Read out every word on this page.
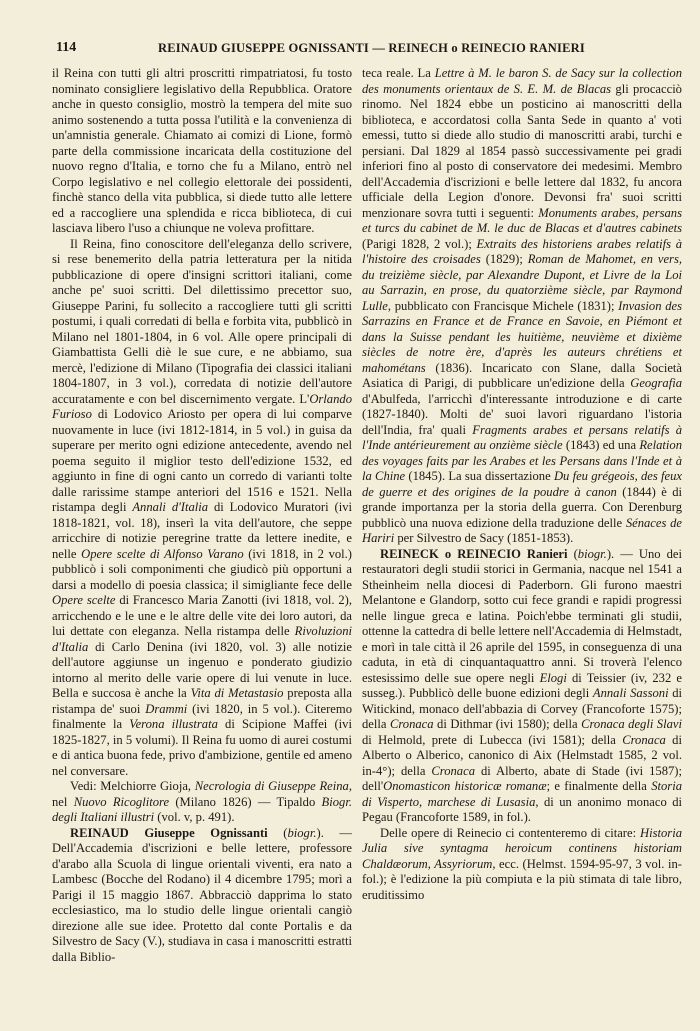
114	REINAUD GIUSEPPE OGNISSANTI — REINECH o REINECIO RANIERI

il Reina con tutti gli altri proscritti rimpatriatosi, fu tosto nominato consigliere legislativo della Repubblica. Oratore anche in questo consiglio, mostrò la tempera del mite suo animo sostenendo a tutta possa l'utilità e la convenienza di un'amnistia generale. Chiamato ai comizi di Lione, formò parte della commissione incaricata della costituzione del nuovo regno d'Italia, e torno che fu a Milano, entrò nel Corpo legislativo e nel collegio elettorale dei possidenti, finchè stanco della vita pubblica, si diede tutto alle lettere ed a raccogliere una splendida e ricca biblioteca, di cui lasciava libero l'uso a chiunque ne voleva profittare.

Il Reina, fino conoscitore dell'eleganza dello scrivere, si rese benemerito della patria letteratura per la nitida pubblicazione di opere d'insigni scrittori italiani, come anche pe' suoi scritti. Del dilettissimo precettor suo, Giuseppe Parini, fu sollecito a raccogliere tutti gli scritti postumi, i quali corredati di bella e forbita vita, pubblicò in Milano nel 1801-1804, in 6 vol. Alle opere principali di Giambattista Gelli diè le sue cure, e ne abbiamo, sua mercè, l'edizione di Milano (Tipografia dei classici italiani 1804-1807, in 3 vol.), corredata di notizie dell'autore accuratamente e con bel discernimento vergate. L'Orlando Furioso di Lodovico Ariosto per opera di lui comparve nuovamente in luce (ivi 1812-1814, in 5 vol.) in guisa da superare per merito ogni edizione antecedente, avendo nel poema seguito il miglior testo dell'edizione 1532, ed aggiunto in fine di ogni canto un corredo di varianti tolte dalle rarissime stampe anteriori del 1516 e 1521. Nella ristampa degli Annali d'Italia di Lodovico Muratori (ivi 1818-1821, vol. 18), inserì la vita dell'autore, che seppe arricchire di notizie peregrine tratte da lettere inedite, e nelle Opere scelte di Alfonso Varano (ivi 1818, in 2 vol.) pubblicò i soli componimenti che giudicò più opportuni a darsi a modello di poesia classica; il simigliante fece delle Opere scelte di Francesco Maria Zanotti (ivi 1818, vol. 2), arricchendo e le une e le altre delle vite dei loro autori, da lui dettate con eleganza. Nella ristampa delle Rivoluzioni d'Italia di Carlo Denina (ivi 1820, vol. 3) alle notizie dell'autore aggiunse un ingenuo e ponderato giudizio intorno al merito delle varie opere di lui venute in luce. Bella e succosa è anche la Vita di Metastasio preposta alla ristampa de' suoi Drammi (ivi 1820, in 5 vol.). Citeremo finalmente la Verona illustrata di Scipione Maffei (ivi 1825-1827, in 5 volumi). Il Reina fu uomo di aurei costumi e di antica buona fede, privo d'ambizione, gentile ed ameno nel conversare.

Vedi: Melchiorre Gioja, Necrologia di Giuseppe Reina, nel Nuovo Ricoglitore (Milano 1826) — Tipaldo Biogr. degli Italiani illustri (vol. v, p. 491).

REINAUD Giuseppe Ognissanti (biogr.). — Dell'Accademia d'iscrizioni e belle lettere, professore d'arabo alla Scuola di lingue orientali viventi, era nato a Lambesc (Bocche del Rodano) il 4 dicembre 1795; morì a Parigi il 15 maggio 1867. Abbracciò dapprima lo stato ecclesiastico, ma lo studio delle lingue orientali cangiò direzione alle sue idee. Protetto dal conte Portalis e da Silvestro de Sacy (V.), studiava in casa i manoscritti estratti dalla Biblio-

teca reale. La Lettre à M. le baron S. de Sacy sur la collection des monuments orientaux de S. E. M. de Blacas gli procacciò rinomo. Nel 1824 ebbe un posticino ai manoscritti della biblioteca, e accordatosi colla Santa Sede in quanto a' voti emessi, tutto si diede allo studio di manoscritti arabi, turchi e persiani. Dal 1829 al 1854 passò successivamente pei gradi inferiori fino al posto di conservatore dei medesimi. Membro dell'Accademia d'iscrizioni e belle lettere dal 1832, fu ancora ufficiale della Legion d'onore. Devonsi fra' suoi scritti menzionare sovra tutti i seguenti: Monuments arabes, persans et turcs du cabinet de M. le duc de Blacas et d'autres cabinets (Parigi 1828, 2 vol.); Extraits des historiens arabes relatifs à l'histoire des croisades (1829); Roman de Mahomet, en vers, du treizième siècle, par Alexandre Dupont, et Livre de la Loi au Sarrazin, en prose, du quatorzième siècle, par Raymond Lulle, pubblicato con Francisque Michele (1831); Invasion des Sarrazins en France et de France en Savoie, en Piémont et dans la Suisse pendant les huitième, neuvième et dixième siècles de notre ère, d'après les auteurs chrétiens et mahométans (1836). Incaricato con Slane, dalla Società Asiatica di Parigi, di pubblicare un'edizione della Geografia d'Abulfeda, l'arricchì d'interessante introduzione e di carte (1827-1840). Molti de' suoi lavori riguardano l'istoria dell'India, fra' quali Fragments arabes et persans relatifs à l'Inde antérieurement au onzième siècle (1843) ed una Relation des voyages faits par les Arabes et les Persans dans l'Inde et à la Chine (1845). La sua dissertazione Du feu grégeois, des feux de guerre et des origines de la poudre à canon (1844) è di grande importanza per la storia della guerra. Con Derenburg pubblicò una nuova edizione della traduzione delle Sénaces de Hariri per Silvestro de Sacy (1851-1853).

REINECK o REINECIO Ranieri (biogr.). — Uno dei restauratori degli studii storici in Germania, nacque nel 1541 a Stheinheim nella diocesi di Paderborn. Gli furono maestri Melantone e Glandorp, sotto cui fece grandi e rapidi progressi nelle lingue greca e latina. Poich'ebbe terminati gli studii, ottenne la cattedra di belle lettere nell'Accademia di Helmstadt, e morì in tale città il 26 aprile del 1595, in conseguenza di una caduta, in età di cinquantaquattro anni. Si troverà l'elenco estesissimo delle sue opere negli Elogi di Teissier (iv, 232 e susseg.). Pubblicò delle buone edizioni degli Annali Sassoni di Witickind, monaco dell'abbazia di Corvey (Francoforte 1575); della Cronaca di Dithmar (ivi 1580); della Cronaca degli Slavi di Helmold, prete di Lubecca (ivi 1581); della Cronaca di Alberto o Alberico, canonico di Aix (Helmstadt 1585, 2 vol. in-4°); della Cronaca di Alberto, abate di Stade (ivi 1587); dell'Onomasticon historicæ romanæ; e finalmente della Storia di Visperto, marchese di Lusasia, di un anonimo monaco di Pegau (Francoforte 1589, in fol.).

Delle opere di Reinecio ci contenteremo di citare: Historia Julia sive syntagma heroicum continens historiam Chaldæorum, Assyriorum, ecc. (Helmst. 1594-95-97, 3 vol. in-fol.); è l'edizione la più compiuta e la più stimata di tale libro, eruditissimo
